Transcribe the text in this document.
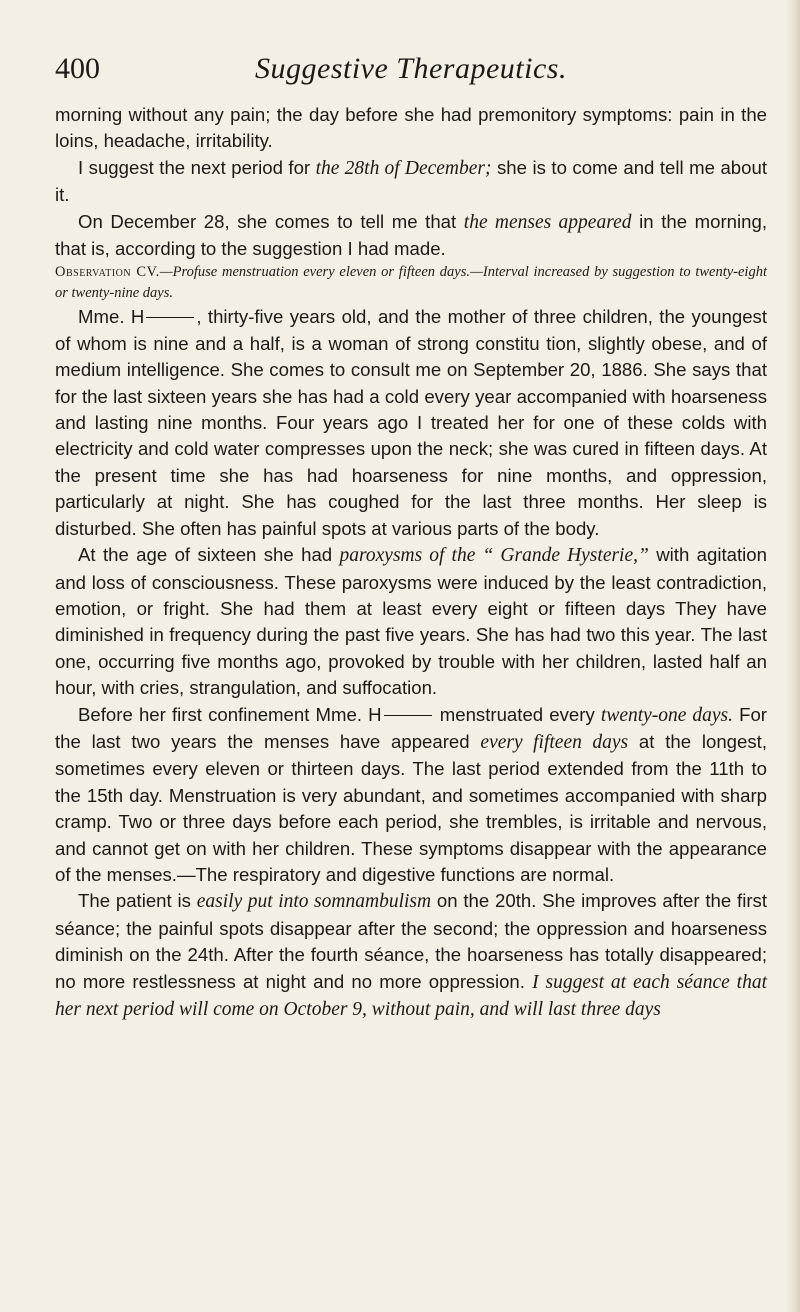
400	Suggestive Therapeutics.

morning without any pain; the day before she had premonitory symptoms: pain in the loins, headache, irritability.

I suggest the next period for the 28th of December; she is to come and tell me about it.

On December 28, she comes to tell me that the menses appeared in the morning, that is, according to the suggestion I had made.

Observation CV.—Profuse menstruation every eleven or fifteen days.—Interval increased by suggestion to twenty-eight or twenty-nine days.

Mme. H	, thirty-five years old, and the mother of three children, the youngest of whom is nine and a half, is a woman of strong constitu tion, slightly obese, and of medium intelligence. She comes to consult me on September 20, 1886. She says that for the last sixteen years she has had a cold every year accompanied with hoarseness and lasting nine months. Four years ago I treated her for one of these colds with electricity and cold water compresses upon the neck; she was cured in fifteen days. At the present time she has had hoarseness for nine months, and oppression, particularly at night. She has coughed for the last three months. Her sleep is disturbed. She often has painful spots at various parts of the body.

At the age of sixteen she had paroxysms of the “ Grande Hysterie,” with agitation and loss of consciousness. These paroxysms were induced by the least contradiction, emotion, or fright. She had them at least every eight or fifteen days They have diminished in frequency during the past five years. She has had two this year. The last one, occurring five months ago, provoked by trouble with her children, lasted half an hour, with cries, strangulation, and suffocation.

Before her first confinement Mme. H	menstruated every twenty-one days. For the last two years the menses have appeared every fifteen days at the longest, sometimes every eleven or thirteen days. The last period extended from the 11th to the 15th day. Menstruation is very abundant, and sometimes accompanied with sharp cramp. Two or three days before each period, she trembles, is irritable and nervous, and cannot get on with her children. These symptoms disappear with the appearance of the menses.—The respiratory and digestive functions are normal.

The patient is easily put into somnambulism on the 20th. She improves after the first séance; the painful spots disappear after the second; the oppression and hoarseness diminish on the 24th. After the fourth séance, the hoarseness has totally disappeared; no more restlessness at night and no more oppression. I suggest at each séance that her next period will come on October 9, without pain, and will last three days
